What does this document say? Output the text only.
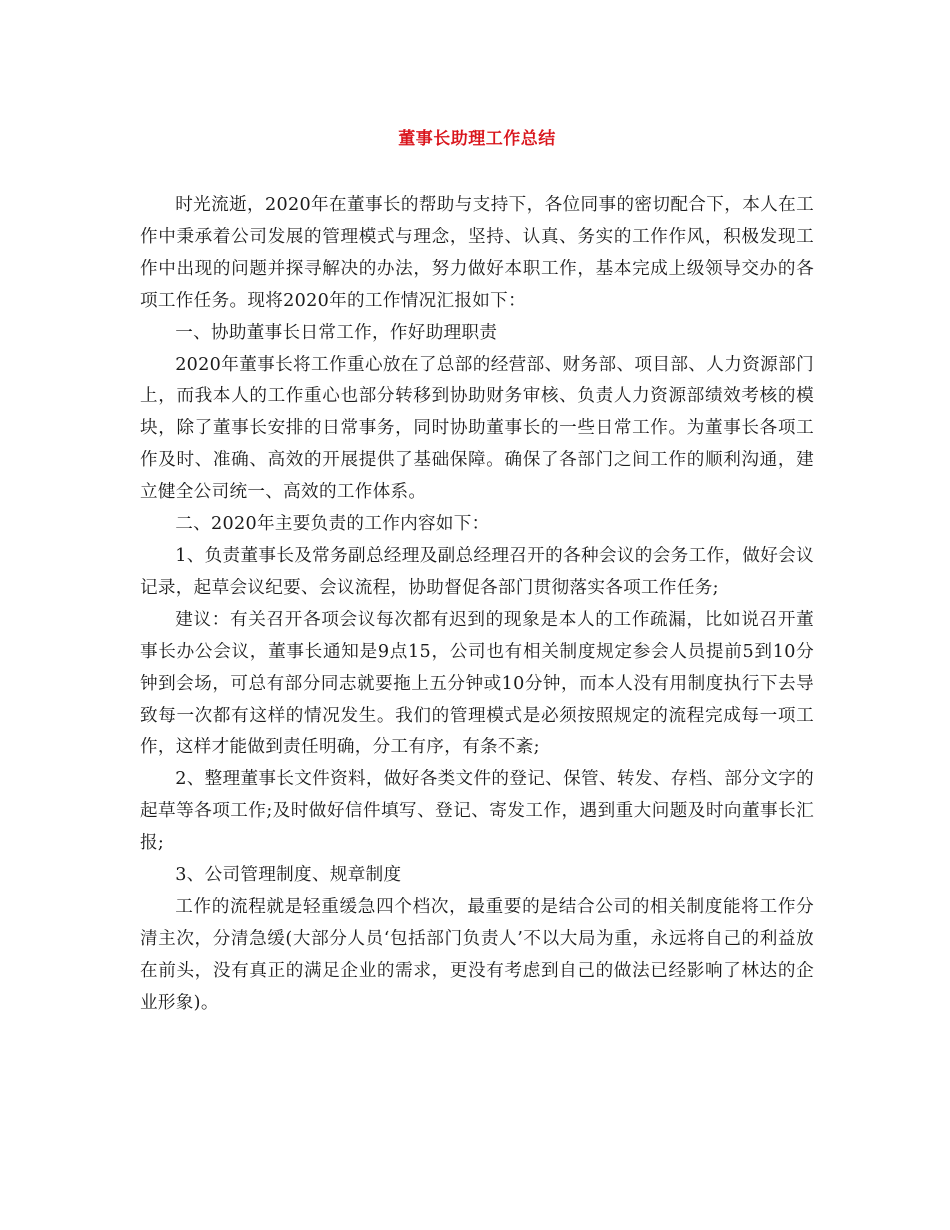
董事长助理工作总结

时光流逝，2020年在董事长的帮助与支持下，各位同事的密切配合下，本人在工作中秉承着公司发展的管理模式与理念，坚持、认真、务实的工作作风，积极发现工作中出现的问题并探寻解决的办法，努力做好本职工作，基本完成上级领导交办的各项工作任务。现将2020年的工作情况汇报如下：

一、协助董事长日常工作，作好助理职责

2020年董事长将工作重心放在了总部的经营部、财务部、项目部、人力资源部门上，而我本人的工作重心也部分转移到协助财务审核、负责人力资源部绩效考核的模块，除了董事长安排的日常事务，同时协助董事长的一些日常工作。为董事长各项工作及时、准确、高效的开展提供了基础保障。确保了各部门之间工作的顺利沟通，建立健全公司统一、高效的工作体系。

二、2020年主要负责的工作内容如下：

1、负责董事长及常务副总经理及副总经理召开的各种会议的会务工作，做好会议记录，起草会议纪要、会议流程，协助督促各部门贯彻落实各项工作任务;

建议：有关召开各项会议每次都有迟到的现象是本人的工作疏漏，比如说召开董事长办公会议，董事长通知是9点15，公司也有相关制度规定参会人员提前5到10分钟到会场，可总有部分同志就要拖上五分钟或10分钟，而本人没有用制度执行下去导致每一次都有这样的情况发生。我们的管理模式是必须按照规定的流程完成每一项工作，这样才能做到责任明确，分工有序，有条不紊;

2、整理董事长文件资料，做好各类文件的登记、保管、转发、存档、部分文字的起草等各项工作;及时做好信件填写、登记、寄发工作，遇到重大问题及时向董事长汇报;

3、公司管理制度、规章制度

工作的流程就是轻重缓急四个档次，最重要的是结合公司的相关制度能将工作分清主次，分清急缓(大部分人员‘包括部门负责人’不以大局为重，永远将自己的利益放在前头，没有真正的满足企业的需求，更没有考虑到自己的做法已经影响了林达的企业形象)。
